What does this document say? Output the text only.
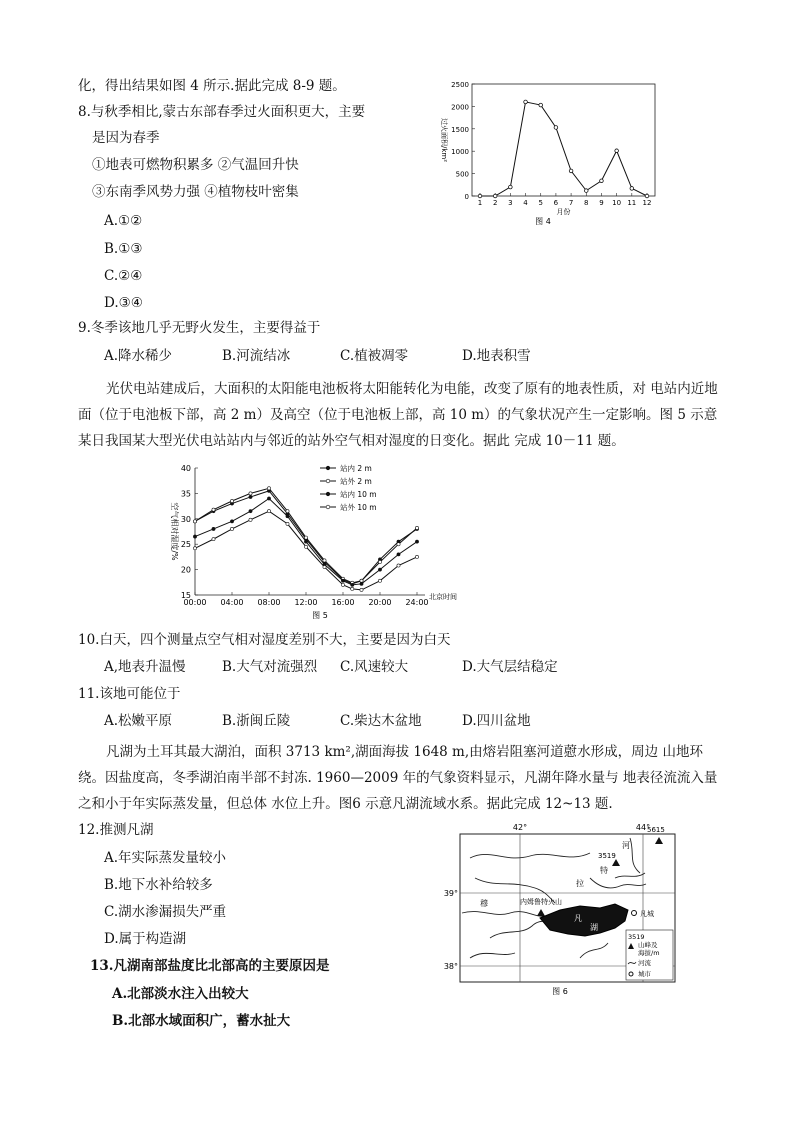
0
500
1000
1500
2000
2500
1 2 3 4 5 6 7 8 9 10 11 12
月份
过火面积/km²
图 4
化，得出结果如图 4 所示.据此完成 8-9 题。
8.与秋季相比,蒙古东部春季过火面积更大，主要
是因为春季
①地表可燃物积累多 ②气温回升快
③东南季风势力强 ④植物枝叶密集
A.①②
B.①③
C.②④
D.③④
9.冬季该地几乎无野火发生，主要得益于
A.降水稀少	B.河流结冰	C.植被凋零	D.地表积雪
光伏电站建成后，大面积的太阳能电池板将太阳能转化为电能，改变了原有的地表性质，对 电站内近地面（位于电池板下部，高 2 m）及高空（位于电池板上部，高 10 m）的气象状况产生一定影响。图 5 示意某日我国某大型光伏电站站内与邻近的站外空气相对湿度的日变化。据此 完成 10－11 题。
15
20
25
30
35
40
00:00 04:00 08:00 12:00 16:00 20:00 24:00
北京时间
空气相对湿度/%
站内 2 m
站外 2 m
站内 10 m
站外 10 m
图 5
10.白天，四个测量点空气相对湿度差别不大，主要是因为白天
A,地表升温慢	B.大气对流强烈 C.风速较大	D.大气层结稳定
11.该地可能位于
A.松嫩平原	B.浙闽丘陵	C.柴达木盆地	D.四川盆地
凡湖为土耳其最大湖泊，面积 3713 km²,湖面海拔 1648 m,由熔岩阻塞河道藯水形成，周边 山地环绕。因盐度高，冬季湖泊南半部不封冻. 1960—2009 年的气象资料显示，凡湖年降水量与 地表径流流入量之和小于年实际蒸发量，但总体 水位上升。图6 示意凡湖流域水系。据此完成 12~13 题.
12.推测凡湖
A.年实际蒸发量较小
B.地下水补给较多
C.湖水渗漏损失严重
D.属于构造湖
13.凡湖南部盐度比北部高的主要原因是
A.北部淡水注入出较大
B.北部水域面积广，蓄水扯大
42°	44°
39°
38°
凡
湖
河
特
拉
穆
3519
5615
内姆鲁特火山
凡城
3519
山峰及
海拔/m
河流
城市
图 6
